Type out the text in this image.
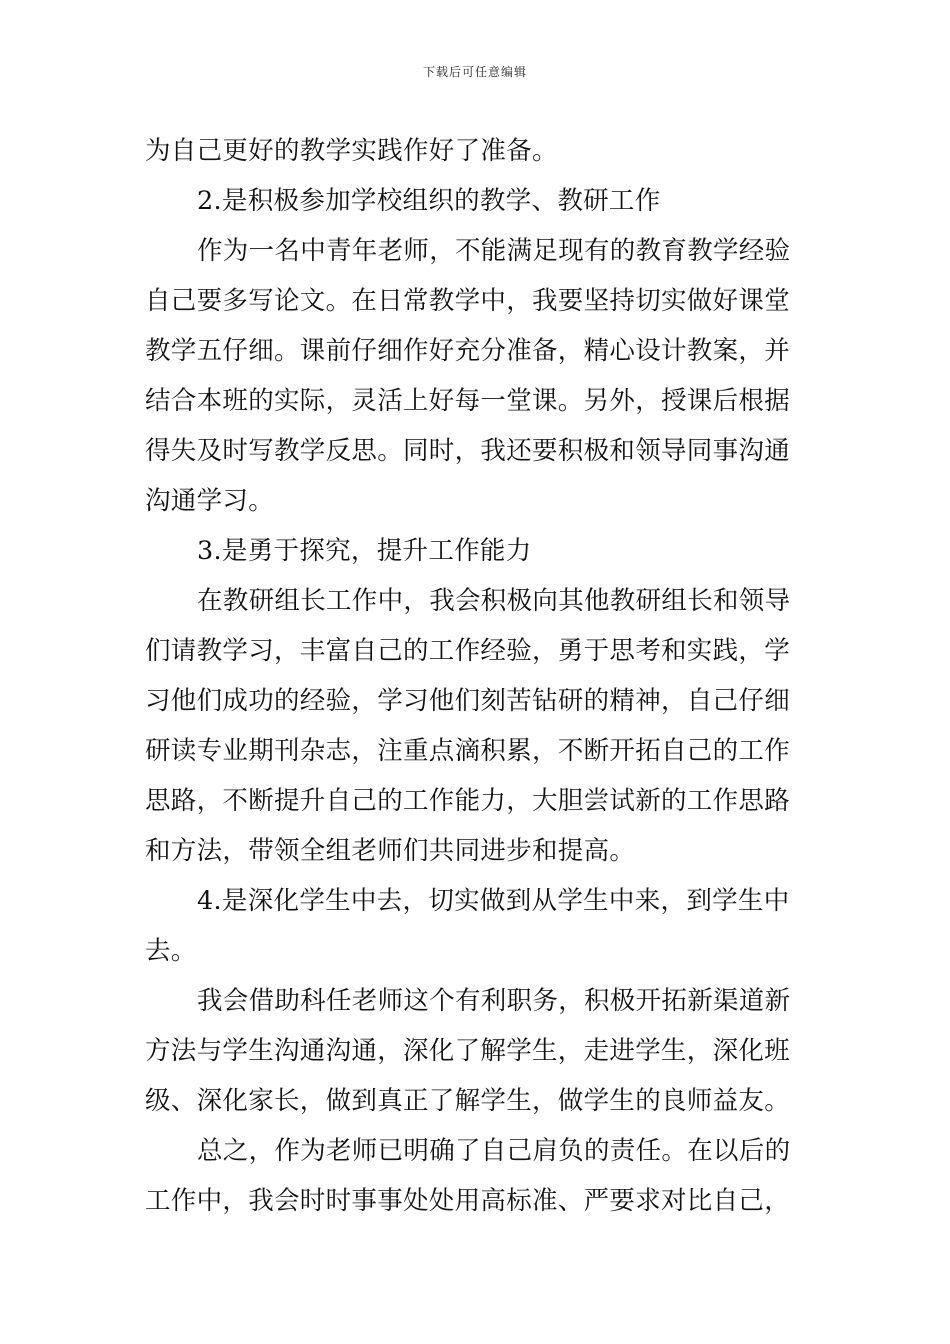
下载后可任意编辑
为自己更好的教学实践作好了准备。
2.是积极参加学校组织的教学、教研工作
作为一名中青年老师，不能满足现有的教育教学经验
自己要多写论文。在日常教学中，我要坚持切实做好课堂
教学五仔细。课前仔细作好充分准备，精心设计教案，并
结合本班的实际，灵活上好每一堂课。另外，授课后根据
得失及时写教学反思。同时，我还要积极和领导同事沟通
沟通学习。
3.是勇于探究，提升工作能力
在教研组长工作中，我会积极向其他教研组长和领导
们请教学习，丰富自己的工作经验，勇于思考和实践，学
习他们成功的经验，学习他们刻苦钻研的精神，自己仔细
研读专业期刊杂志，注重点滴积累，不断开拓自己的工作
思路，不断提升自己的工作能力，大胆尝试新的工作思路
和方法，带领全组老师们共同进步和提高。
4.是深化学生中去，切实做到从学生中来，到学生中
去。
我会借助科任老师这个有利职务，积极开拓新渠道新
方法与学生沟通沟通，深化了解学生，走进学生，深化班
级、深化家长，做到真正了解学生，做学生的良师益友。
总之，作为老师已明确了自己肩负的责任。在以后的
工作中，我会时时事事处处用高标准、严要求对比自己，
